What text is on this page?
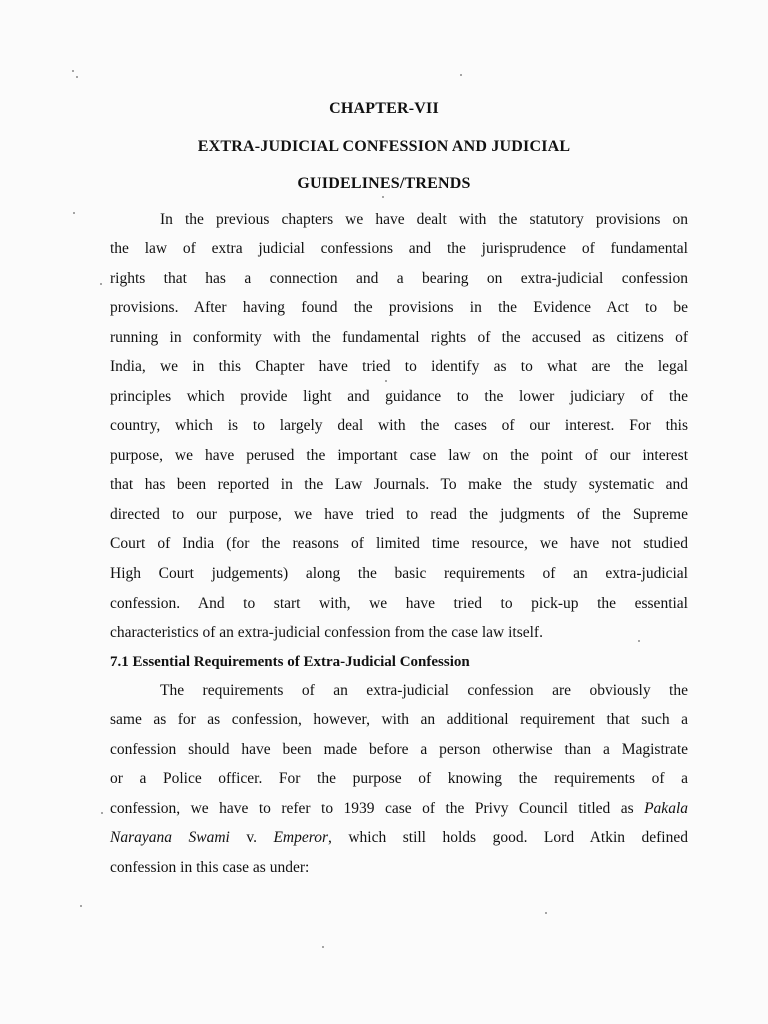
CHAPTER-VII
EXTRA-JUDICIAL CONFESSION AND JUDICIAL
GUIDELINES/TRENDS
In the previous chapters we have dealt with the statutory provisions on
the law of extra judicial confessions and the jurisprudence of fundamental
rights that has a connection and a bearing on extra-judicial confession
provisions. After having found the provisions in the Evidence Act to be
running in conformity with the fundamental rights of the accused as citizens of
India, we in this Chapter have tried to identify as to what are the legal
principles which provide light and guidance to the lower judiciary of the
country, which is to largely deal with the cases of our interest. For this
purpose, we have perused the important case law on the point of our interest
that has been reported in the Law Journals. To make the study systematic and
directed to our purpose, we have tried to read the judgments of the Supreme
Court of India (for the reasons of limited time resource, we have not studied
High Court judgements) along the basic requirements of an extra-judicial
confession. And to start with, we have tried to pick-up the essential
characteristics of an extra-judicial confession from the case law itself.
7.1 Essential Requirements of Extra-Judicial Confession
The requirements of an extra-judicial confession are obviously the
same as for as confession, however, with an additional requirement that such a
confession should have been made before a person otherwise than a Magistrate
or a Police officer. For the purpose of knowing the requirements of a
confession, we have to refer to 1939 case of the Privy Council titled as Pakala
Narayana Swami v. Emperor, which still holds good. Lord Atkin defined
confession in this case as under:
